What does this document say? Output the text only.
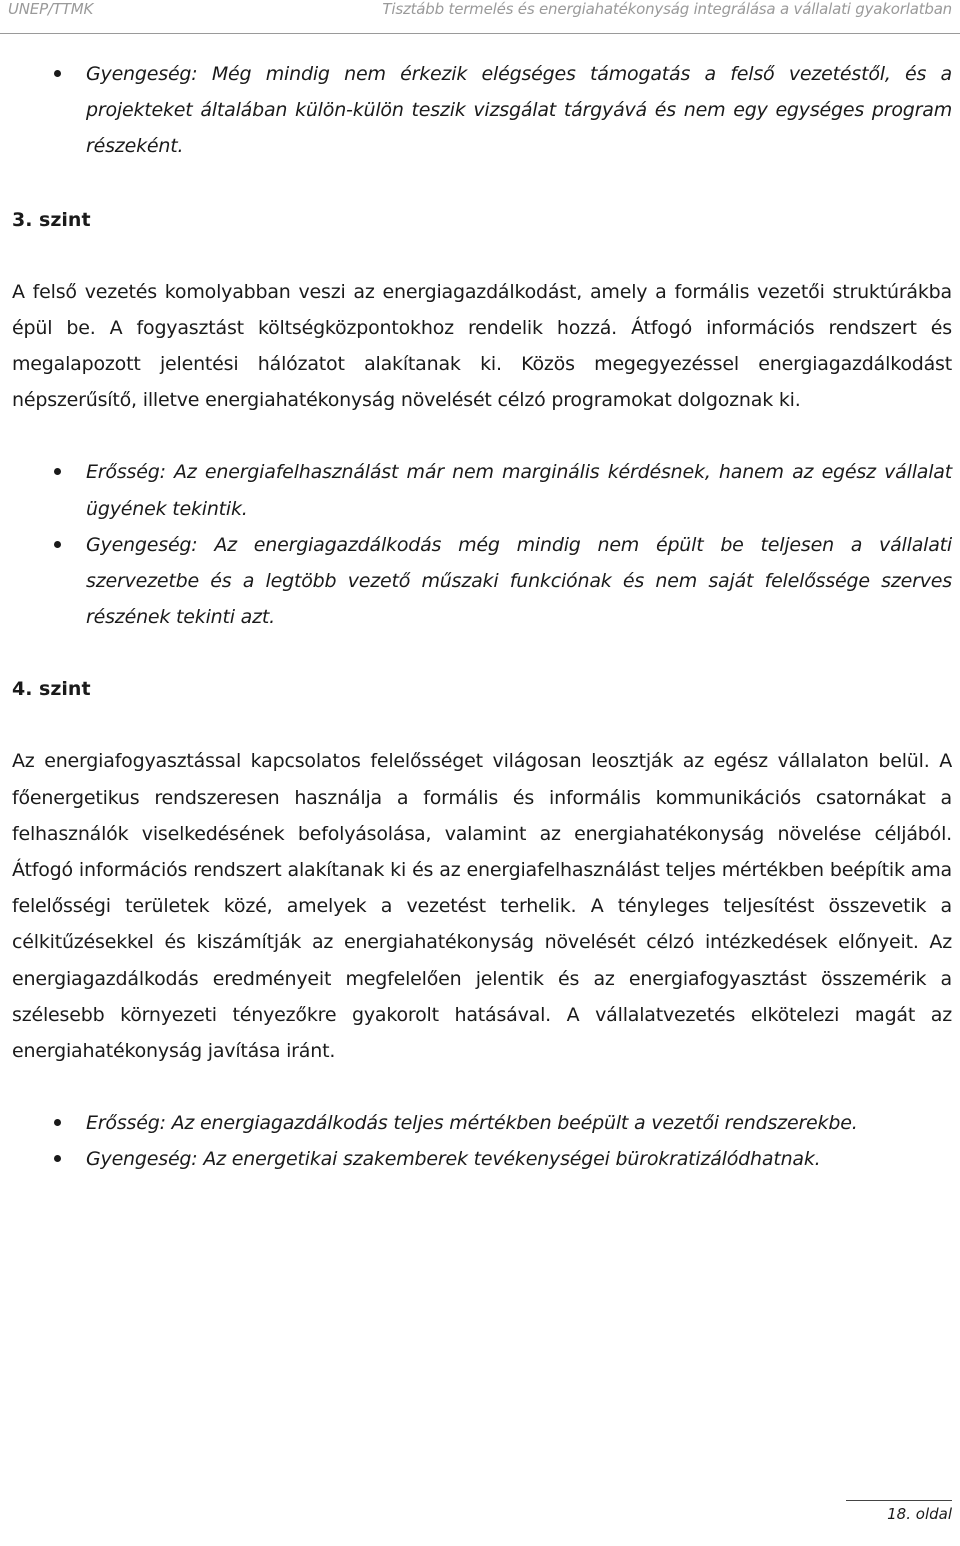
UNEP/TTMK	Tisztább termelés és energiahatékonyság integrálása a vállalati gyakorlatban
Gyengeség: Még mindig nem érkezik elégséges támogatás a felső vezetéstől, és a projekteket általában külön-külön teszik vizsgálat tárgyává és nem egy egységes program részeként.
3. szint

A felső vezetés komolyabban veszi az energiagazdálkodást, amely a formális vezetői struktúrákba épül be. A fogyasztást költségközpontokhoz rendelik hozzá. Átfogó információs rendszert és megalapozott jelentési hálózatot alakítanak ki. Közös megegyezéssel energiagazdálkodást népszerűsítő, illetve energiahatékonyság növelését célzó programokat dolgoznak ki.

Erősség: Az energiafelhasználást már nem marginális kérdésnek, hanem az egész vállalat ügyének tekintik.
Gyengeség: Az energiagazdálkodás még mindig nem épült be teljesen a vállalati szervezetbe és a legtöbb vezető műszaki funkciónak és nem saját felelőssége szerves részének tekinti azt.
4. szint

Az energiafogyasztással kapcsolatos felelősséget világosan leosztják az egész vállalaton belül. A főenergetikus rendszeresen használja a formális és informális kommunikációs csatornákat a felhasználók viselkedésének befolyásolása, valamint az energiahatékonyság növelése céljából. Átfogó információs rendszert alakítanak ki és az energiafelhasználást teljes mértékben beépítik ama felelősségi területek közé, amelyek a vezetést terhelik. A tényleges teljesítést összevetik a célkitűzésekkel és kiszámítják az energiahatékonyság növelését célzó intézkedések előnyeit. Az energiagazdálkodás eredményeit megfelelően jelentik és az energiafogyasztást összemérik a szélesebb környezeti tényezőkre gyakorolt hatásával. A vállalatvezetés elkötelezi magát az energiahatékonyság javítása iránt.

Erősség: Az energiagazdálkodás teljes mértékben beépült a vezetői rendszerekbe.
Gyengeség: Az energetikai szakemberek tevékenységei bürokratizálódhatnak.
18. oldal
